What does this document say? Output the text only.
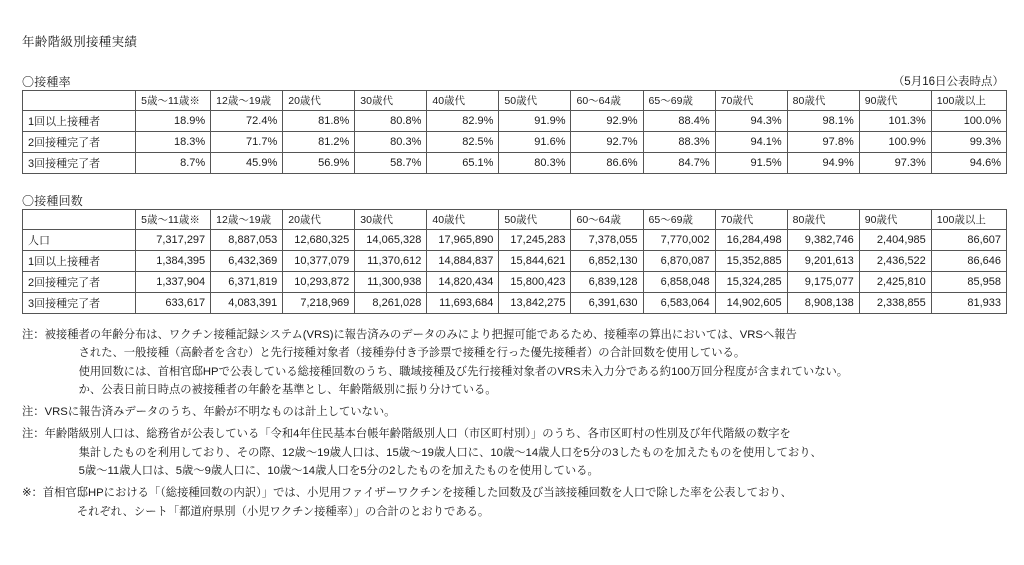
年齢階級別接種実績
〇接種率	（5月16日公表時点）
	5歳〜11歳※	12歳〜19歳	20歳代	30歳代	40歳代	50歳代	60〜64歳	65〜69歳	70歳代	80歳代	90歳代	100歳以上
1回以上接種者	18.9%	72.4%	81.8%	80.8%	82.9%	91.9%	92.9%	88.4%	94.3%	98.1%	101.3%	100.0%
2回接種完了者	18.3%	71.7%	81.2%	80.3%	82.5%	91.6%	92.7%	88.3%	94.1%	97.8%	100.9%	99.3%
3回接種完了者	8.7%	45.9%	56.9%	58.7%	65.1%	80.3%	86.6%	84.7%	91.5%	94.9%	97.3%	94.6%
〇接種回数
	5歳〜11歳※	12歳〜19歳	20歳代	30歳代	40歳代	50歳代	60〜64歳	65〜69歳	70歳代	80歳代	90歳代	100歳以上
人口	7,317,297	8,887,053	12,680,325	14,065,328	17,965,890	17,245,283	7,378,055	7,770,002	16,284,498	9,382,746	2,404,985	86,607
1回以上接種者	1,384,395	6,432,369	10,377,079	11,370,612	14,884,837	15,844,621	6,852,130	6,870,087	15,352,885	9,201,613	2,436,522	86,646
2回接種完了者	1,337,904	6,371,819	10,293,872	11,300,938	14,820,434	15,800,423	6,839,128	6,858,048	15,324,285	9,175,077	2,425,810	85,958
3回接種完了者	633,617	4,083,391	7,218,969	8,261,028	11,693,684	13,842,275	6,391,630	6,583,064	14,902,605	8,908,138	2,338,855	81,933
注： 被接種者の年齢分布は、ワクチン接種記録システム(VRS)に報告済みのデータのみにより把握可能であるため、接種率の算出においては、VRSへ報告
された、一般接種（高齢者を含む）と先行接種対象者（接種券付き予診票で接種を行った優先接種者）の合計回数を使用している。
使用回数には、首相官邸HPで公表している総接種回数のうち、職域接種及び先行接種対象者のVRS未入力分である約100万回分程度が含まれていない。
か、公表日前日時点の被接種者の年齢を基準とし、年齢階級別に振り分けている。
注： VRSに報告済みデータのうち、年齢が不明なものは計上していない。
注： 年齢階級別人口は、総務省が公表している「令和4年住民基本台帳年齢階級別人口（市区町村別）」のうち、各市区町村の性別及び年代階級の数字を
集計したものを利用しており、その際、12歳〜19歳人口は、15歳〜19歳人口に、10歳〜14歳人口を5分の3したものを加えたものを使用しており、
5歳〜11歳人口は、5歳〜9歳人口に、10歳〜14歳人口を5分の2したものを加えたものを使用している。
※： 首相官邸HPにおける「（総接種回数の内訳）」では、小児用ファイザーワクチンを接種した回数及び当該接種回数を人口で除した率を公表しており、
それぞれ、シート「都道府県別（小児ワクチン接種率）」の合計のとおりである。
